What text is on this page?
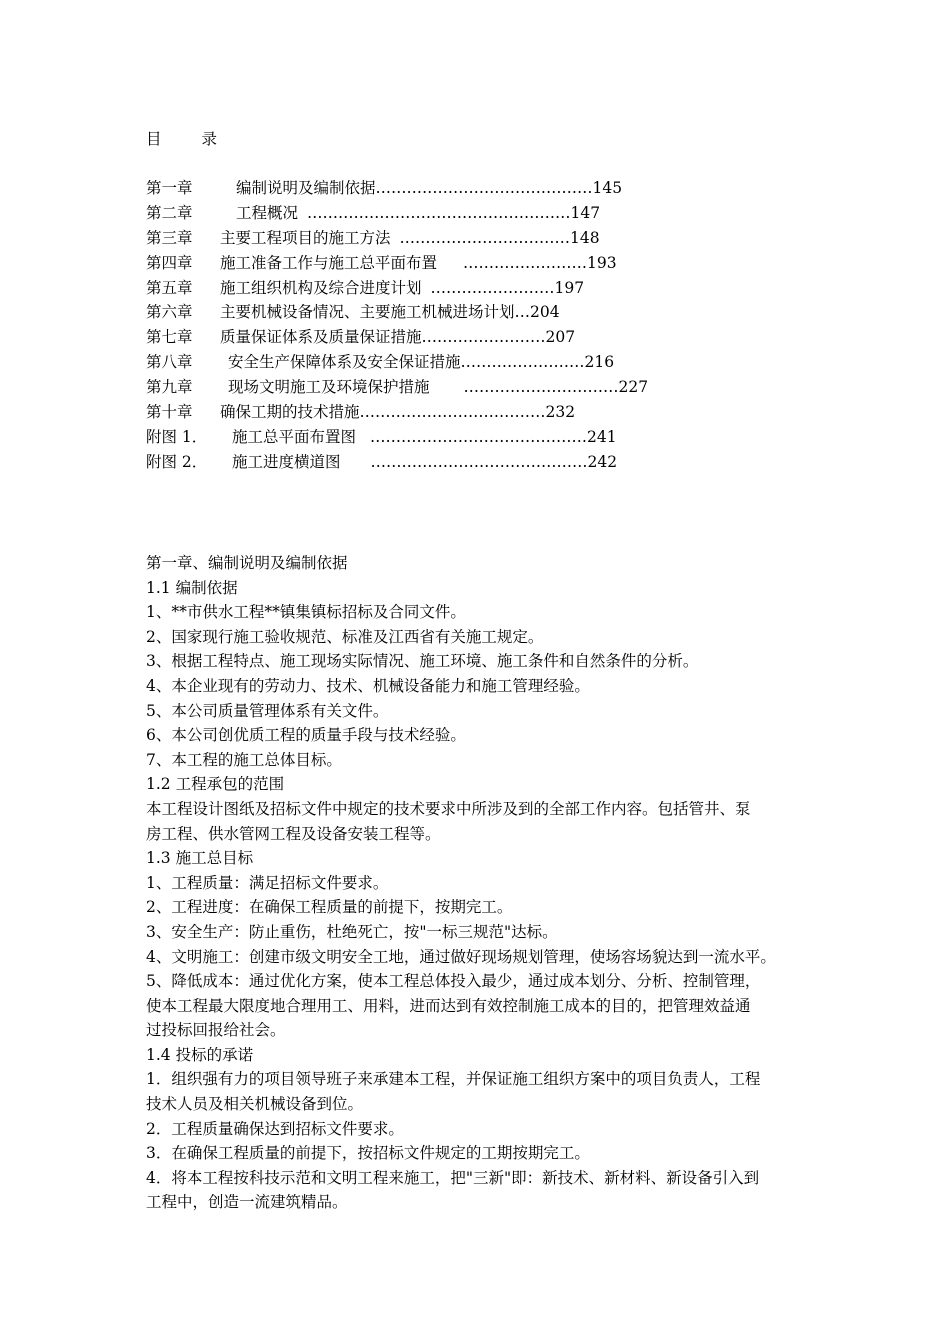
目	录
第一章	编制说明及编制依据……………………………………145
第二章	工程概况 ……………………………………………147
第三章 主要工程项目的施工方法 ……………………………148
第四章 施工准备工作与施工总平面布置 ……………………193
第五章 施工组织机构及综合进度计划 ……………………197
第六章 主要机械设备情况、主要施工机械进场计划…204
第七章 质量保证体系及质量保证措施……………………207
第八章 安全生产保障体系及安全保证措施……………………216
第九章 现场文明施工及环境保护措施 …………………………227
第十章 确保工期的技术措施………………………………232
附图 1． 施工总平面布置图 ……………………………………241
附图 2． 施工进度横道图 ……………………………………242

第一章、编制说明及编制依据

1.1 编制依据

1、**市供水工程**镇集镇标招标及合同文件。

2、国家现行施工验收规范、标准及江西省有关施工规定。

3、根据工程特点、施工现场实际情况、施工环境、施工条件和自然条件的分析。

4、本企业现有的劳动力、技术、机械设备能力和施工管理经验。

5、本公司质量管理体系有关文件。

6、本公司创优质工程的质量手段与技术经验。

7、本工程的施工总体目标。

1.2 工程承包的范围

本工程设计图纸及招标文件中规定的技术要求中所涉及到的全部工作内容。包括管井、泵

房工程、供水管网工程及设备安装工程等。

1.3 施工总目标

1、工程质量：满足招标文件要求。

2、工程进度：在确保工程质量的前提下，按期完工。

3、安全生产：防止重伤，杜绝死亡，按"一标三规范"达标。

4、文明施工：创建市级文明安全工地，通过做好现场规划管理，使场容场貌达到一流水平。

5、降低成本：通过优化方案，使本工程总体投入最少，通过成本划分、分析、控制管理，

使本工程最大限度地合理用工、用料，进而达到有效控制施工成本的目的，把管理效益通

过投标回报给社会。

1.4 投标的承诺

1．组织强有力的项目领导班子来承建本工程，并保证施工组织方案中的项目负责人，工程

技术人员及相关机械设备到位。

2．工程质量确保达到招标文件要求。

3．在确保工程质量的前提下，按招标文件规定的工期按期完工。

4．将本工程按科技示范和文明工程来施工，把"三新"即：新技术、新材料、新设备引入到

工程中，创造一流建筑精品。
